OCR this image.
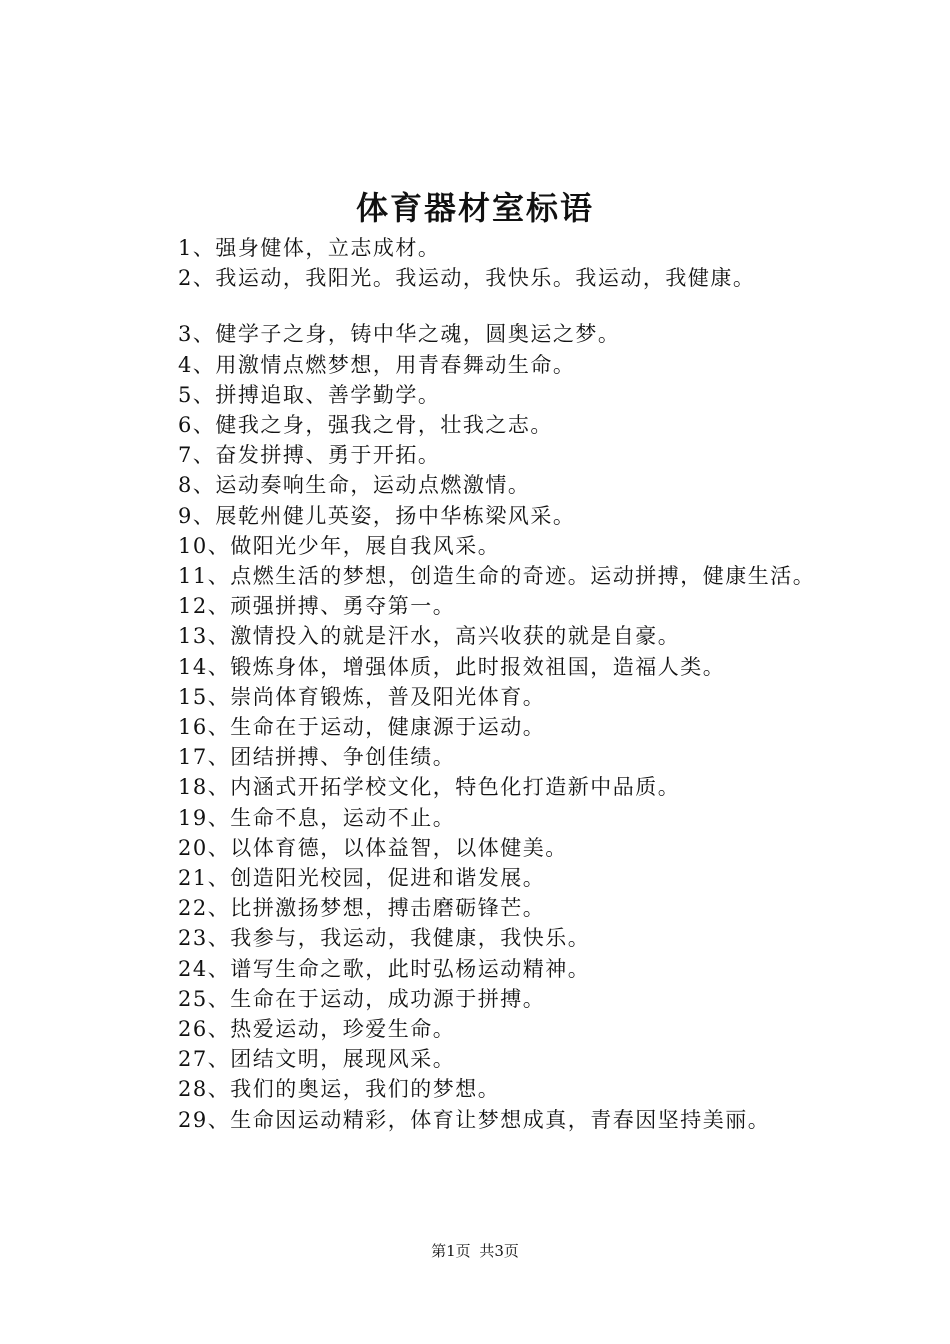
体育器材室标语
1、强身健体，立志成材。
2、我运动，我阳光。我运动，我快乐。我运动，我健康。
3、健学子之身，铸中华之魂，圆奥运之梦。
4、用激情点燃梦想，用青春舞动生命。
5、拼搏追取、善学勤学。
6、健我之身，强我之骨，壮我之志。
7、奋发拼搏、勇于开拓。
8、运动奏响生命，运动点燃激情。
9、展乾州健儿英姿，扬中华栋梁风采。
10、做阳光少年，展自我风采。
11、点燃生活的梦想，创造生命的奇迹。运动拼搏，健康生活。
12、顽强拼搏、勇夺第一。
13、激情投入的就是汗水，高兴收获的就是自豪。
14、锻炼身体，增强体质，此时报效祖国，造福人类。
15、崇尚体育锻炼，普及阳光体育。
16、生命在于运动，健康源于运动。
17、团结拼搏、争创佳绩。
18、内涵式开拓学校文化，特色化打造新中品质。
19、生命不息，运动不止。
20、以体育德，以体益智，以体健美。
21、创造阳光校园，促进和谐发展。
22、比拼激扬梦想，搏击磨砺锋芒。
23、我参与，我运动，我健康，我快乐。
24、谱写生命之歌，此时弘杨运动精神。
25、生命在于运动，成功源于拼搏。
26、热爱运动，珍爱生命。
27、团结文明，展现风采。
28、我们的奥运，我们的梦想。
29、生命因运动精彩，体育让梦想成真，青春因坚持美丽。
第1页 共3页
